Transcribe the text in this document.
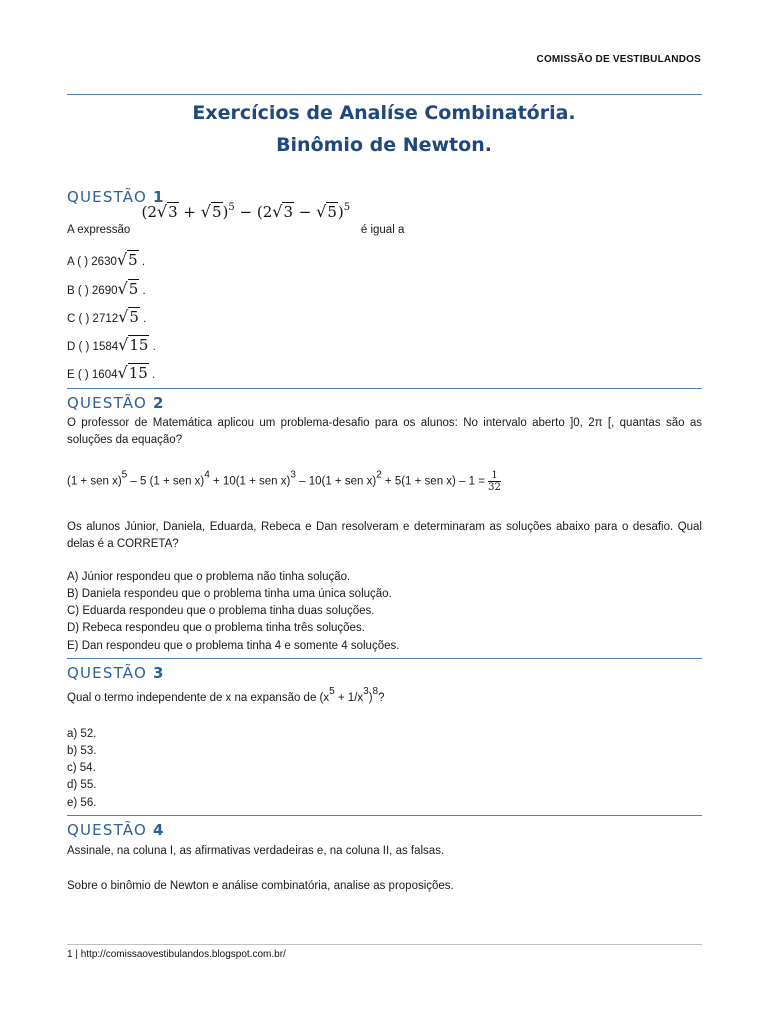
COMISSÃO DE VESTIBULANDOS
Exercícios de Analíse Combinatória.
Binômio de Newton.
QUESTÃO 1
A expressão $(2√3 + √5)^5 - (2√3 - √5)^5$ é igual a
A ( ) 2630√5 .
B ( ) 2690√5 .
C ( ) 2712√5 .
D ( ) 1584√15 .
E ( ) 1604√15 .
QUESTÃO 2
O professor de Matemática aplicou um problema-desafio para os alunos: No intervalo aberto ]0, 2π [, quantas são as soluções da equação?
(1 + sen x)$^5$ – 5 (1 + sen x)$^4$ + 10(1 + sen x)$^3$ – 10(1 + sen x)$^2$ + 5(1 + sen $x) - 1 = \frac{1}{32}$
Os alunos Júnior, Daniela, Eduarda, Rebeca e Dan resolveram e determinaram as soluções abaixo para o desafio. Qual delas é a CORRETA?
A) Júnior respondeu que o problema não tinha solução.
B) Daniela respondeu que o problema tinha uma única solução.
C) Eduarda respondeu que o problema tinha duas soluções.
D) Rebeca respondeu que o problema tinha três soluções.
E) Dan respondeu que o problema tinha 4 e somente 4 soluções.
QUESTÃO 3
Qual o termo independente de x na expansão de $(x^5 + 1/x^3)^8$?
a) 52.
b) 53.
c) 54.
d) 55.
e) 56.
QUESTÃO 4
Assinale, na coluna I, as afirmativas verdadeiras e, na coluna II, as falsas.
Sobre o binômio de Newton e análise combinatória, analise as proposições.
1 | http://comissaovestibulandos.blogspot.com.br/
